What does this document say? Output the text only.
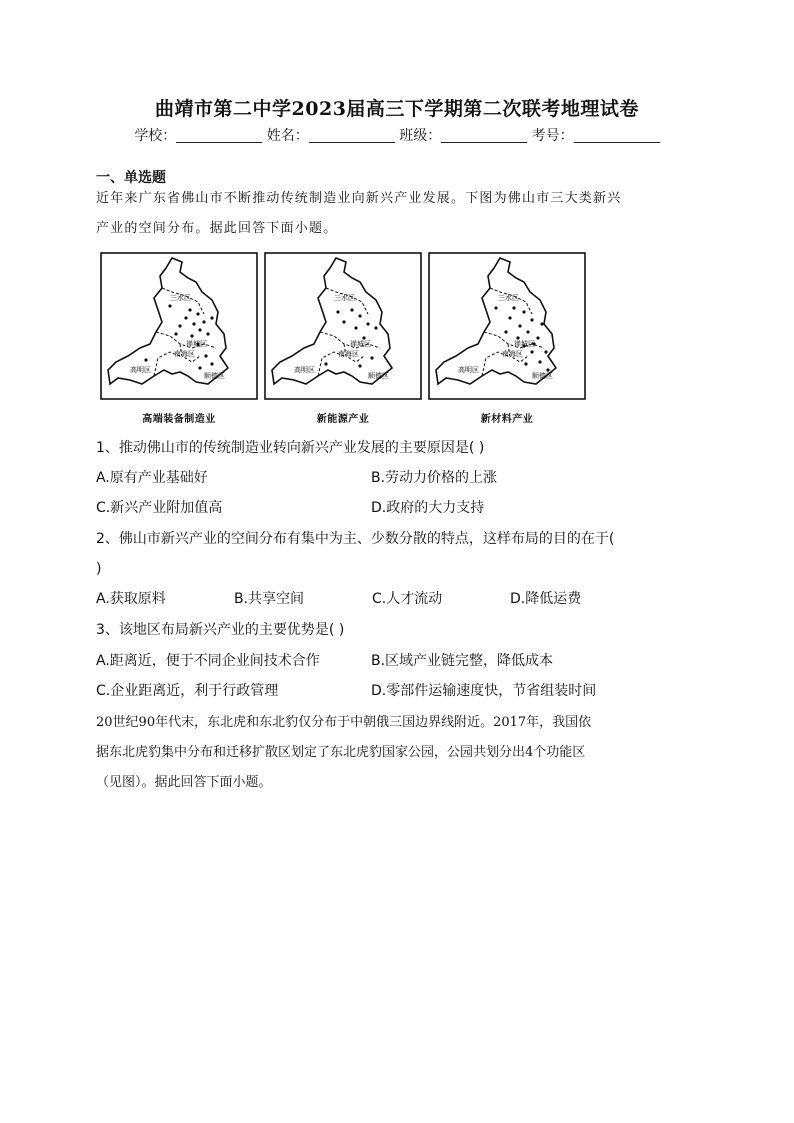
曲靖市第二中学2023届高三下学期第二次联考地理试卷
学校：	姓名：	班级：	考号：
一、单选题
近年来广东省佛山市不断推动传统制造业向新兴产业发展。下图为佛山市三大类新兴
产业的空间分布。据此回答下面小题。
三水区
禅城区
南海区
高明区
顺德区
高端装备制造业
三水区
禅城区
南海区
高明区
顺德区
新能源产业
三水区
禅城区
南海区
高明区
顺德区
新材料产业
1、推动佛山市的传统制造业转向新兴产业发展的主要原因是( )
A.原有产业基础好	B.劳动力价格的上涨
C.新兴产业附加值高	D.政府的大力支持
2、佛山市新兴产业的空间分布有集中为主、少数分散的特点，这样布局的目的在于(
)
A.获取原料	B.共享空间	C.人才流动	D.降低运费
3、该地区布局新兴产业的主要优势是( )
A.距离近，便于不同企业间技术合作	B.区域产业链完整，降低成本
C.企业距离近，利于行政管理	D.零部件运输速度快，节省组装时间
20世纪90年代末，东北虎和东北豹仅分布于中朝俄三国边界线附近。2017年，我国依
据东北虎豹集中分布和迁移扩散区划定了东北虎豹国家公园，公园共划分出4个功能区
（见图）。据此回答下面小题。
